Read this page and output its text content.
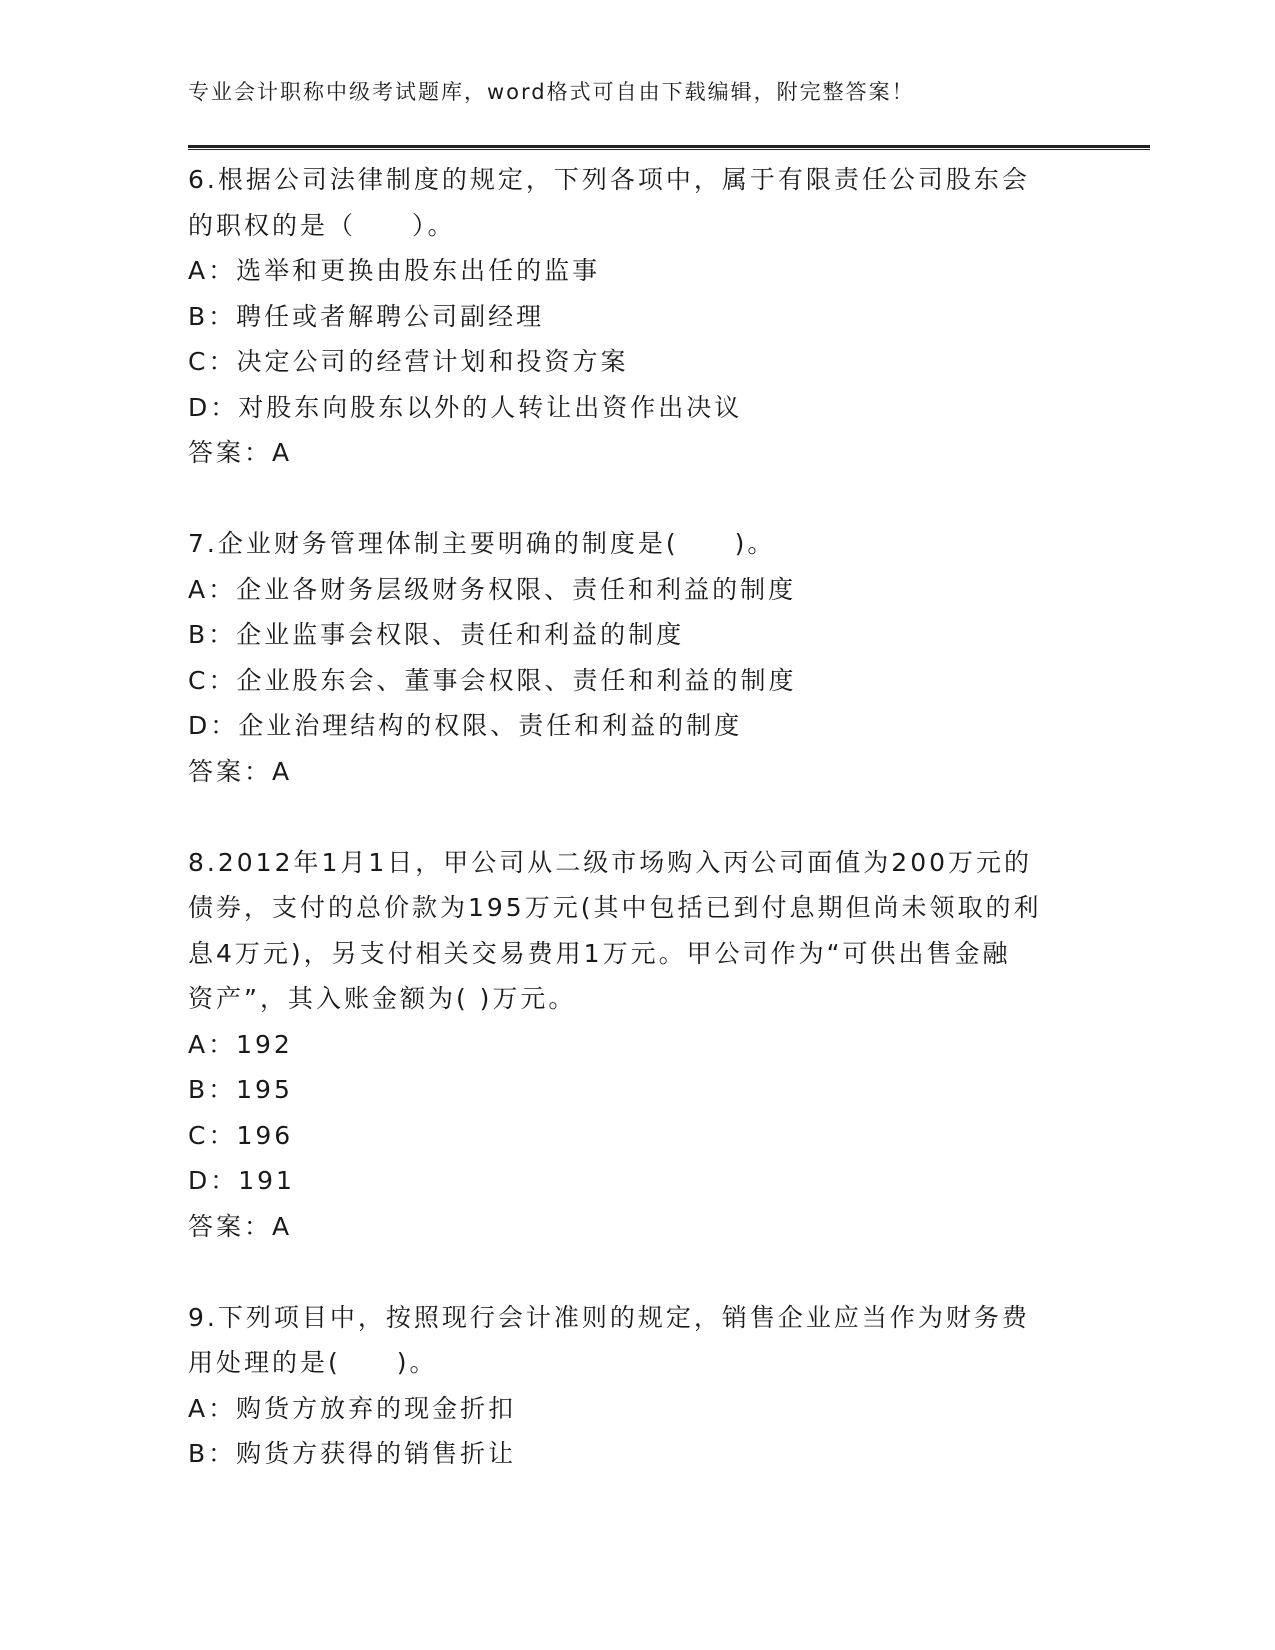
专业会计职称中级考试题库，word格式可自由下载编辑，附完整答案！

6.根据公司法律制度的规定，下列各项中，属于有限责任公司股东会

的职权的是（　　）。

A：选举和更换由股东出任的监事

B：聘任或者解聘公司副经理

C：决定公司的经营计划和投资方案

D：对股东向股东以外的人转让出资作出决议

答案：A

7.企业财务管理体制主要明确的制度是(　　)。

A：企业各财务层级财务权限、责任和利益的制度

B：企业监事会权限、责任和利益的制度

C：企业股东会、董事会权限、责任和利益的制度

D：企业治理结构的权限、责任和利益的制度

答案：A

8.2012年1月1日，甲公司从二级市场购入丙公司面值为200万元的

债券，支付的总价款为195万元(其中包括已到付息期但尚未领取的利

息4万元)，另支付相关交易费用1万元。甲公司作为“可供出售金融

资产”，其入账金额为( )万元。

A：192

B：195

C：196

D：191

答案：A

9.下列项目中，按照现行会计准则的规定，销售企业应当作为财务费

用处理的是(　　)。

A：购货方放弃的现金折扣

B：购货方获得的销售折让
